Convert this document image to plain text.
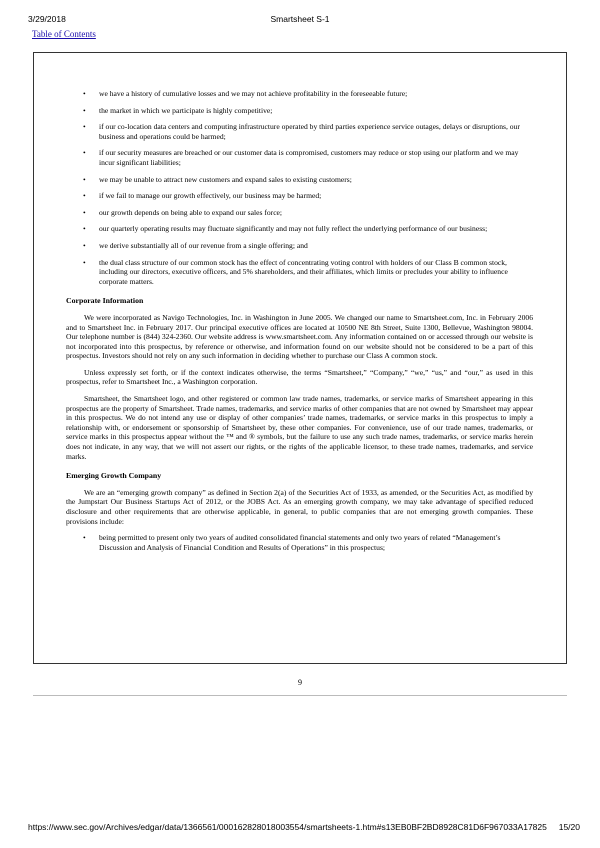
3/29/2018	Smartsheet S-1
Table of Contents
•	we have a history of cumulative losses and we may not achieve profitability in the foreseeable future;
•	the market in which we participate is highly competitive;
•	if our co-location data centers and computing infrastructure operated by third parties experience service outages, delays or disruptions, our business and operations could be harmed;
•	if our security measures are breached or our customer data is compromised, customers may reduce or stop using our platform and we may incur significant liabilities;
•	we may be unable to attract new customers and expand sales to existing customers;
•	if we fail to manage our growth effectively, our business may be harmed;
•	our growth depends on being able to expand our sales force;
•	our quarterly operating results may fluctuate significantly and may not fully reflect the underlying performance of our business;
•	we derive substantially all of our revenue from a single offering; and
•	the dual class structure of our common stock has the effect of concentrating voting control with holders of our Class B common stock, including our directors, executive officers, and 5% shareholders, and their affiliates, which limits or precludes your ability to influence corporate matters.
Corporate Information

We were incorporated as Navigo Technologies, Inc. in Washington in June 2005. We changed our name to Smartsheet.com, Inc. in February 2006 and to Smartsheet Inc. in February 2017. Our principal executive offices are located at 10500 NE 8th Street, Suite 1300, Bellevue, Washington 98004. Our telephone number is (844) 324-2360. Our website address is www.smartsheet.com. Any information contained on or accessed through our website is not incorporated into this prospectus, by reference or otherwise, and information found on our website should not be considered to be a part of this prospectus. Investors should not rely on any such information in deciding whether to purchase our Class A common stock.

Unless expressly set forth, or if the context indicates otherwise, the terms “Smartsheet,” “Company,” “we,” “us,” and “our,” as used in this prospectus, refer to Smartsheet Inc., a Washington corporation.

Smartsheet, the Smartsheet logo, and other registered or common law trade names, trademarks, or service marks of Smartsheet appearing in this prospectus are the property of Smartsheet. Trade names, trademarks, and service marks of other companies that are not owned by Smartsheet may appear in this prospectus. We do not intend any use or display of other companies’ trade names, trademarks, or service marks in this prospectus to imply a relationship with, or endorsement or sponsorship of Smartsheet by, these other companies. For convenience, use of our trade names, trademarks, or service marks in this prospectus appear without the ™ and ® symbols, but the failure to use any such trade names, trademarks, or service marks herein does not indicate, in any way, that we will not assert our rights, or the rights of the applicable licensor, to these trade names, trademarks, and service marks.

Emerging Growth Company

We are an “emerging growth company” as defined in Section 2(a) of the Securities Act of 1933, as amended, or the Securities Act, as modified by the Jumpstart Our Business Startups Act of 2012, or the JOBS Act. As an emerging growth company, we may take advantage of specified reduced disclosure and other requirements that are otherwise applicable, in general, to public companies that are not emerging growth companies. These provisions include:

•	being permitted to present only two years of audited consolidated financial statements and only two years of related “Management’s Discussion and Analysis of Financial Condition and Results of Operations” in this prospectus;
9
https://www.sec.gov/Archives/edgar/data/1366561/000162828018003554/smartsheets-1.htm#s13EB0BF2BD8928C81D6F967033A17825 15/20
